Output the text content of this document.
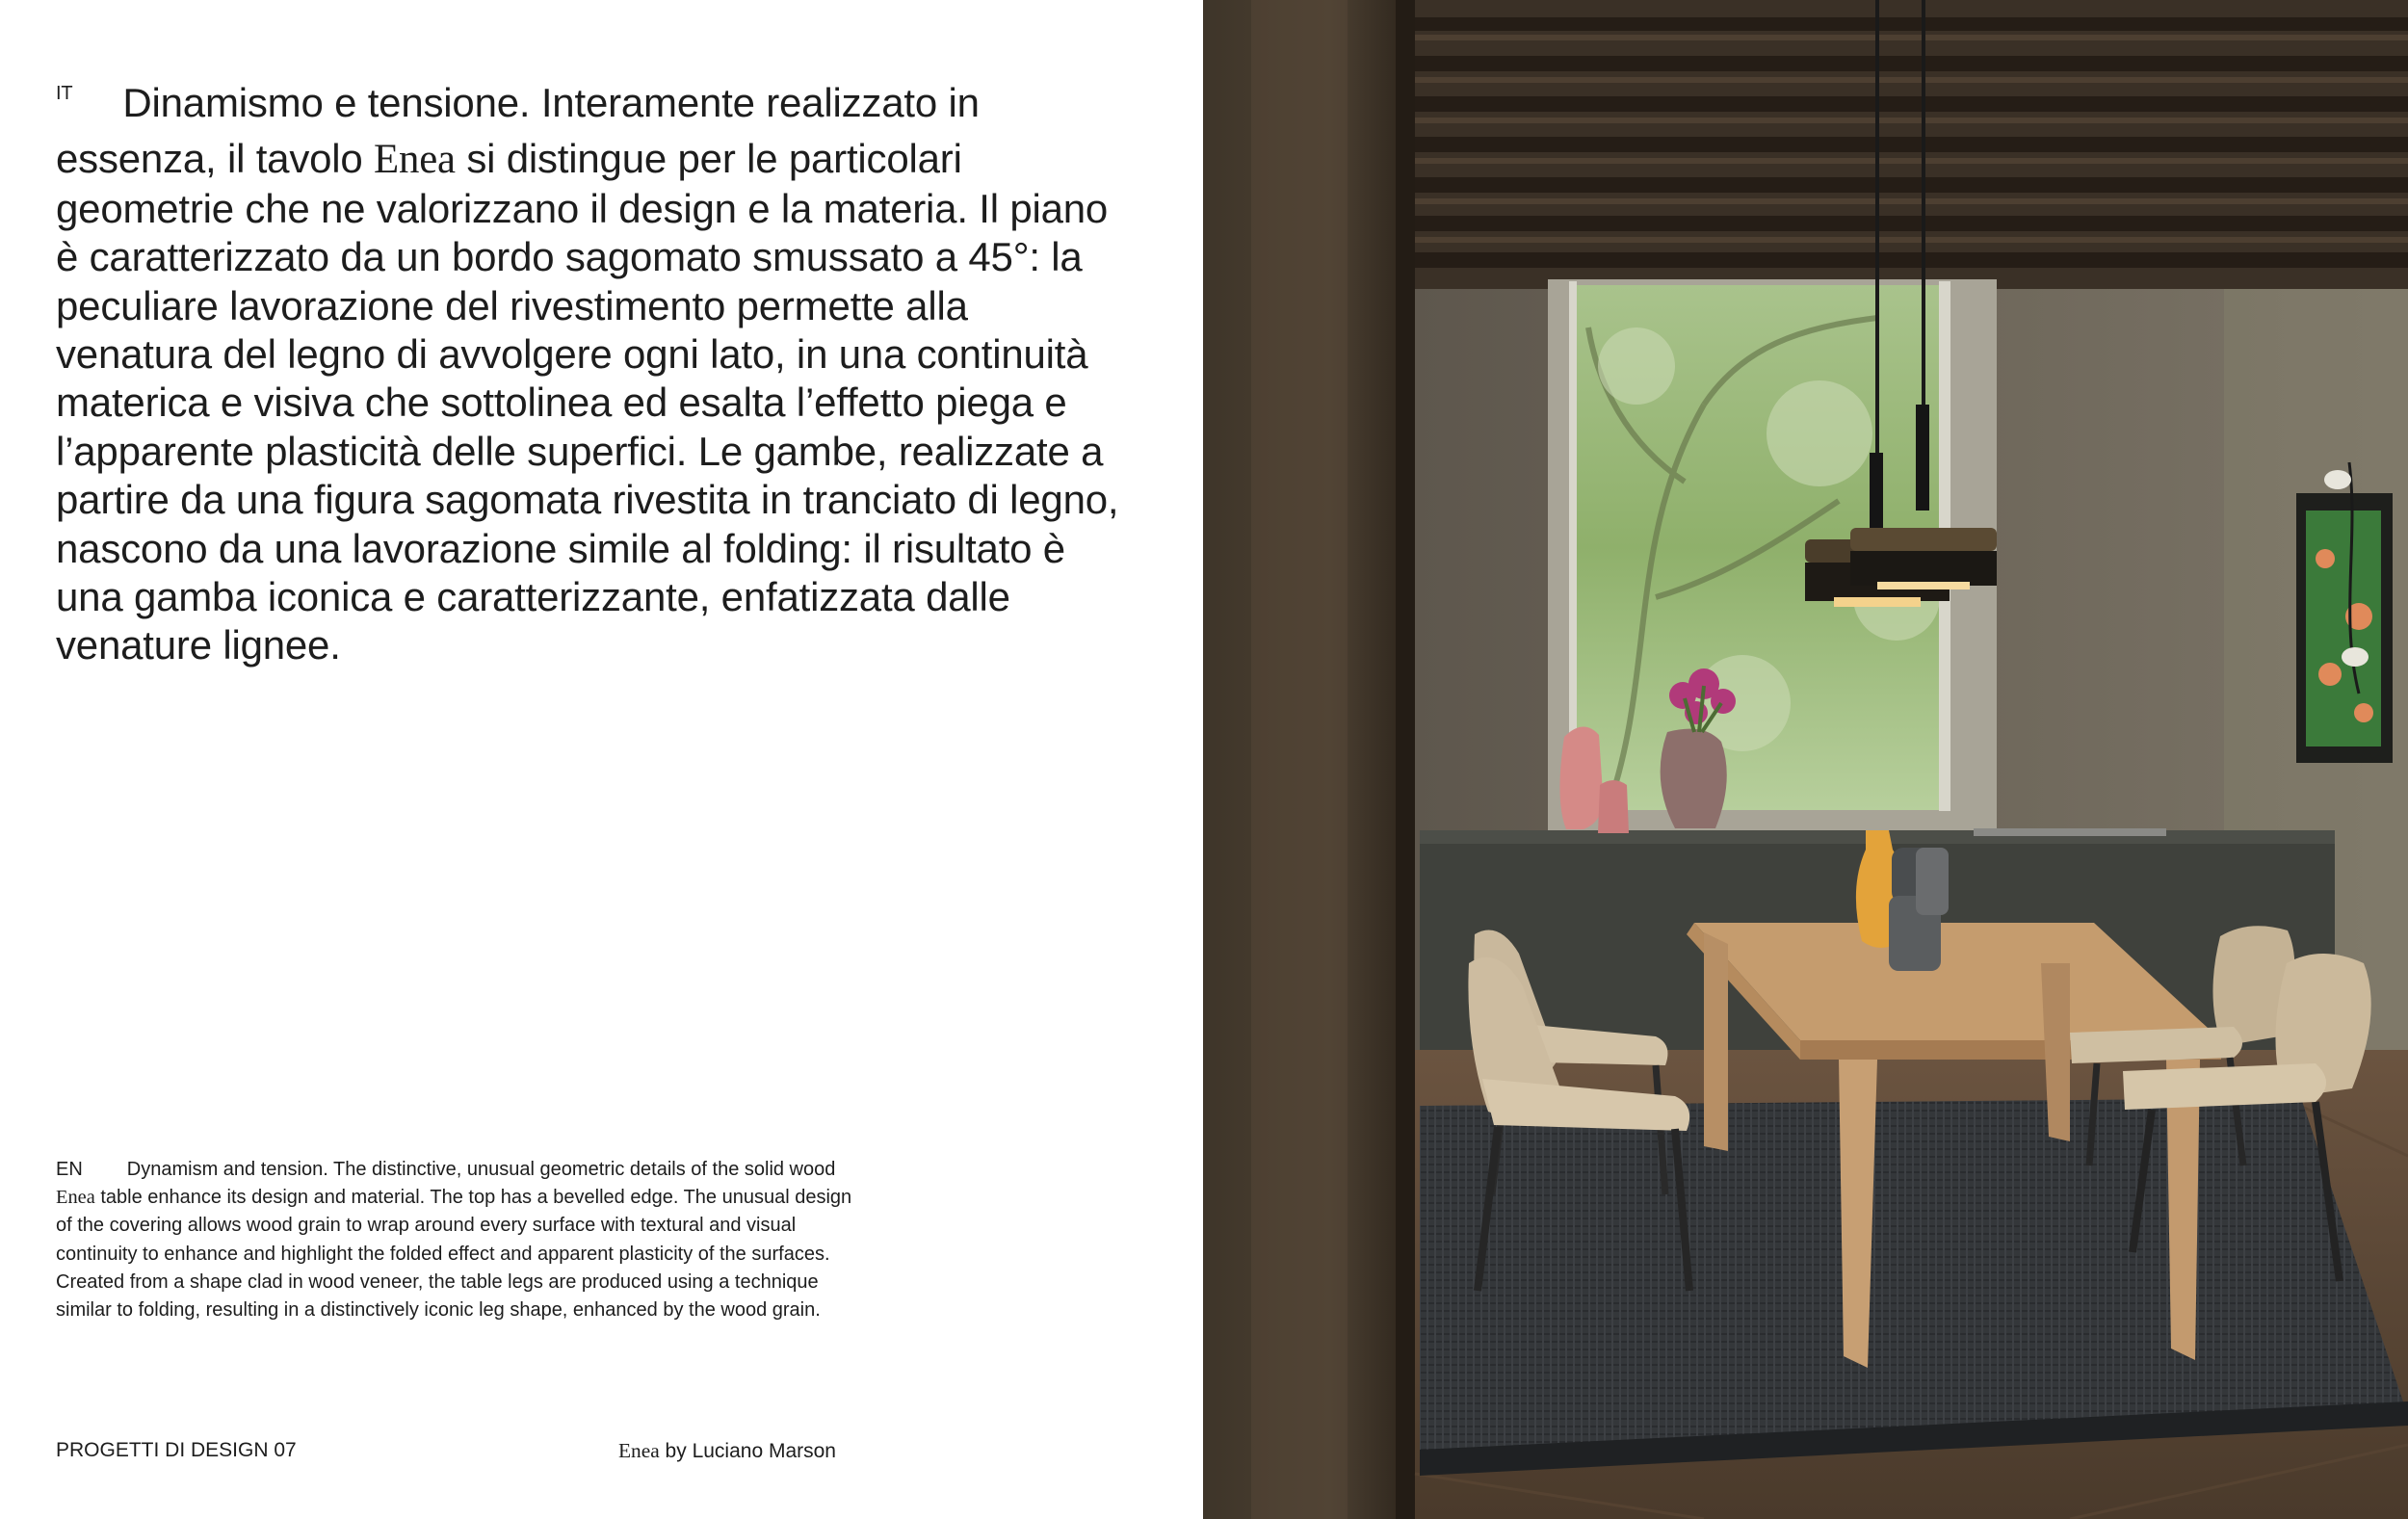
$^{IT}$ Dinamismo e tensione. Interamente realizzato in essenza, il tavolo Enea si distingue per le particolari geometrie che ne valorizzano il design e la materia. Il piano è caratterizzato da un bordo sagomato smussato a 45°: la peculiare lavorazione del rivestimento permette alla venatura del legno di avvolgere ogni lato, in una continuità materica e visiva che sottolinea ed esalta l’effetto piega e l’apparente plasticità delle superfici. Le gambe, realizzate a partire da una figura sagomata rivestita in tranciato di legno, nascono da una lavorazione simile al folding: il risultato è una gamba iconica e caratterizzante, enfatizzata dalle venature lignee.
EN Dynamism and tension. The distinctive, unusual geometric details of the solid wood Enea table enhance its design and material. The top has a bevelled edge. The unusual design of the covering allows wood grain to wrap around every surface with textural and visual continuity to enhance and highlight the folded effect and apparent plasticity of the surfaces.
Created from a shape clad in wood veneer, the table legs are produced using a technique similar to folding, resulting in a distinctively iconic leg shape, enhanced by the wood grain.
PROGETTI DI DESIGN 07	Enea by Luciano Marson
